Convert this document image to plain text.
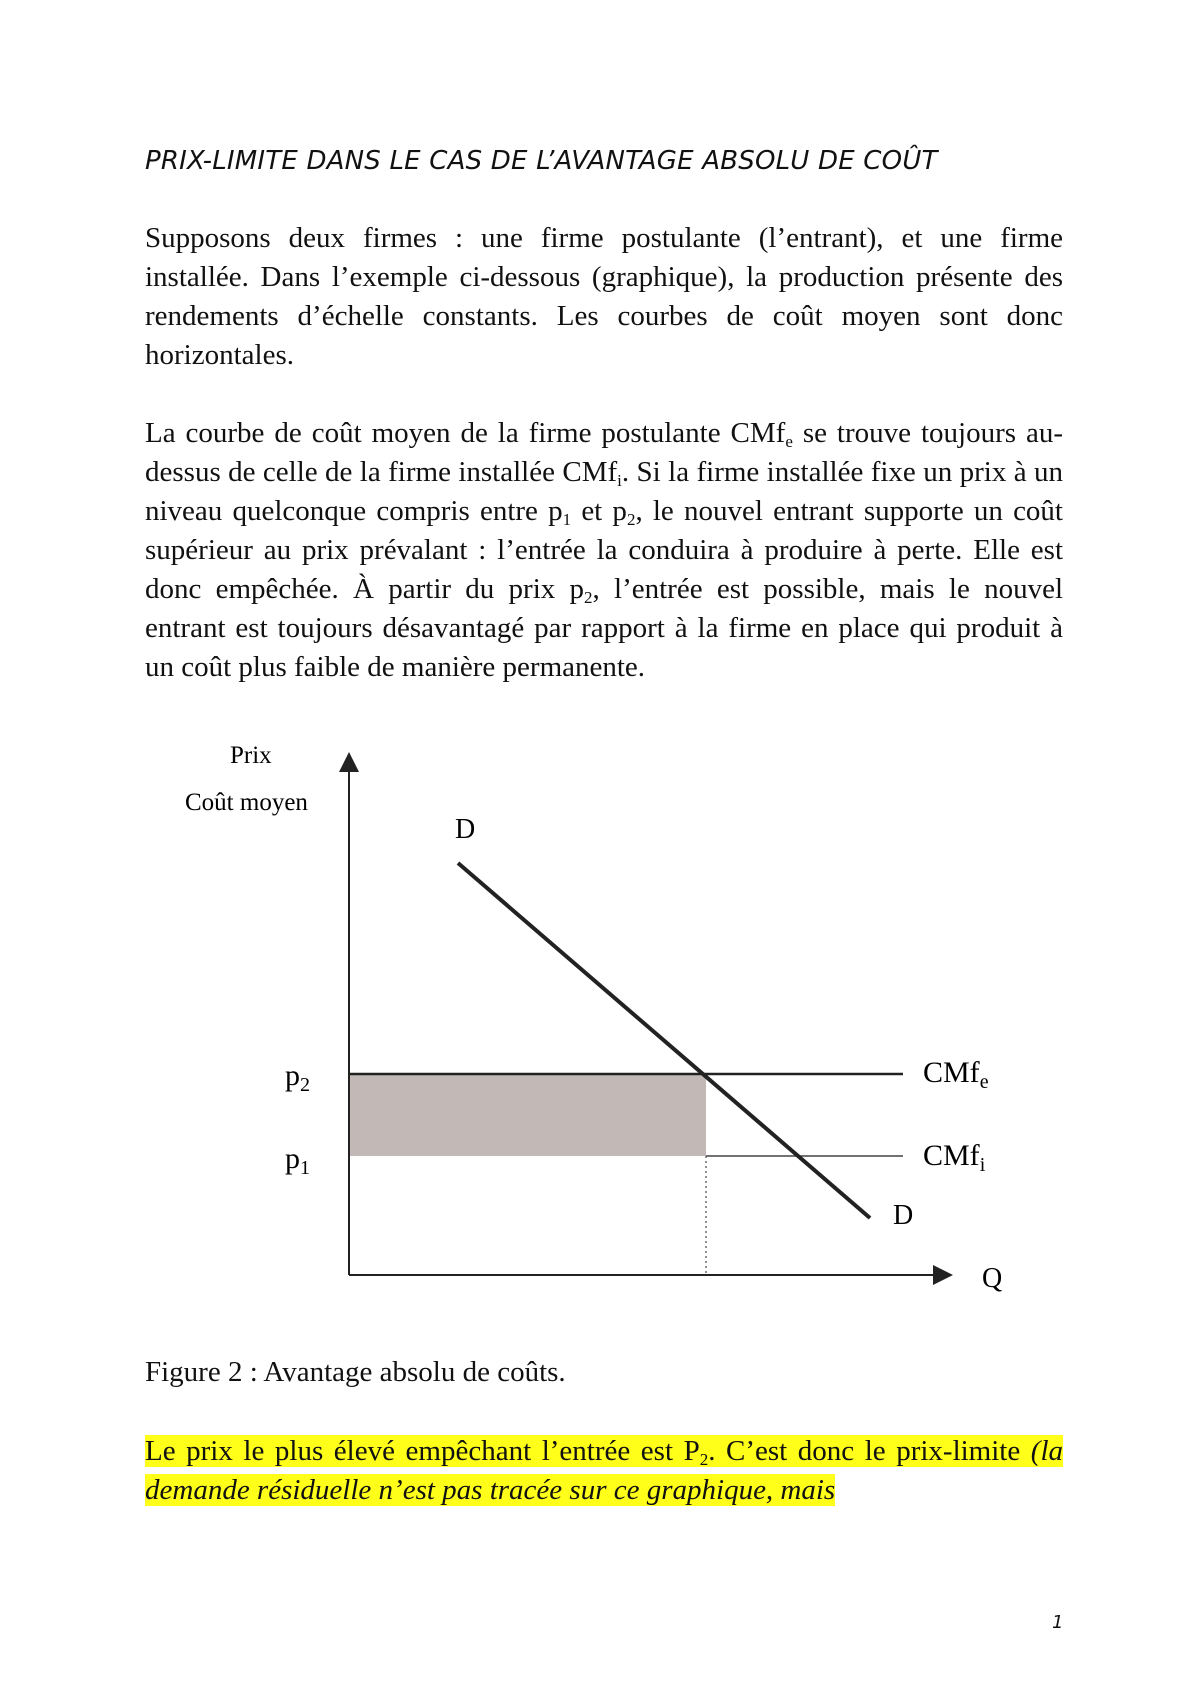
PRIX-LIMITE DANS LE CAS DE L’AVANTAGE ABSOLU DE COÛT

Supposons deux firmes : une firme postulante (l’entrant), et une firme installée. Dans l’exemple ci-dessous (graphique), la production présente des rendements d’échelle constants. Les courbes de coût moyen sont donc horizontales.

La courbe de coût moyen de la firme postulante CMf$_e$ se trouve toujours au-dessus de celle de la firme installée CMf$_i$. Si la firme installée fixe un prix à un niveau quelconque compris entre $p_1$ et $p_2$, le nouvel entrant supporte un coût supérieur au prix prévalant : l’entrée la conduira à produire à perte. Elle est donc empêchée. À partir du prix $p_2$, l’entrée est possible, mais le nouvel entrant est toujours désavantagé par rapport à la firme en place qui produit à un coût plus faible de manière permanente.

Prix
Coût moyen
D
D
Q
$p_2$
$p_1$
CMf$_e$
CMf$_i$
Figure 2 : Avantage absolu de coûts.

Le prix le plus élevé empêchant l’entrée est $P_2$. C’est donc le prix-limite (la demande résiduelle n’est pas tracée sur ce graphique, mais

1
